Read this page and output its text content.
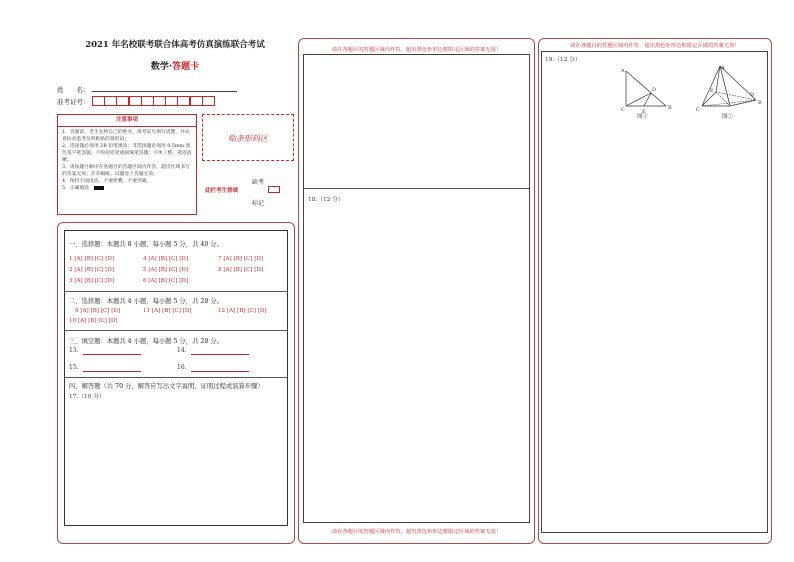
2021 年名校联考联合体高考仿真演练联合考试
数学·答题卡
姓　　名：
准考证号：
注意事项
1．答题前，考生先将自己的姓名、准考证号填写清楚，并认真检查监考员所粘贴的条形码；
2．选择题必须用 2B 铅笔填涂；非选择题必须用 0.5mm 黑色签字笔答题，不得用铅笔或圆珠笔答题；字体工整、笔迹清晰。
3．请按题号顺序在各题目的答题区域内作答，超出区域书写的答案无效；在草稿纸、试题卷上答题无效。
4．保持卡面清洁，不要折叠、不要弄破。
5．正确填涂
贴条形码区
缺考
此栏考生禁填
标记
一、选择题：本题共 8 小题，每小题 5 分，共 40 分。
1 [A] [B] [C] [D]	4 [A] [B] [C] [D]	7 [A] [B] [C] [D]
2 [A] [B] [C] [D]	5 [A] [B] [C] [D]	8 [A] [B] [C] [D]
3 [A] [B] [C] [D]	6 [A] [B] [C] [D]
二、选择题：本题共 4 小题，每小题 5 分，共 20 分。
9 [A] [B] [C] [D]	11 [A] [B] [C] [D]	12 [A] [B] [C] [D]
10 [A] [B] [C] [D]
三、填空题：本题共 4 小题，每小题 5 分，共 20 分。
13.	14.
15.	16.
四、解答题（共 70 分，解答应写出文字说明、证明过程或演算步骤）
17.（10 分）
请在各题目的答题区域内作答，超出黑色矩形边框限定区域的答案无效！
18.（12 分）
请在各题目的答题区域内作答，超出黑色矩形边框限定区域的答案无效！
请在各题目的答题区域内作答，超出黑色矩形边框限定区域的答案无效！
19.（12 分）
A
D
E
B
C
图①
A
E
D
C
B
图②
